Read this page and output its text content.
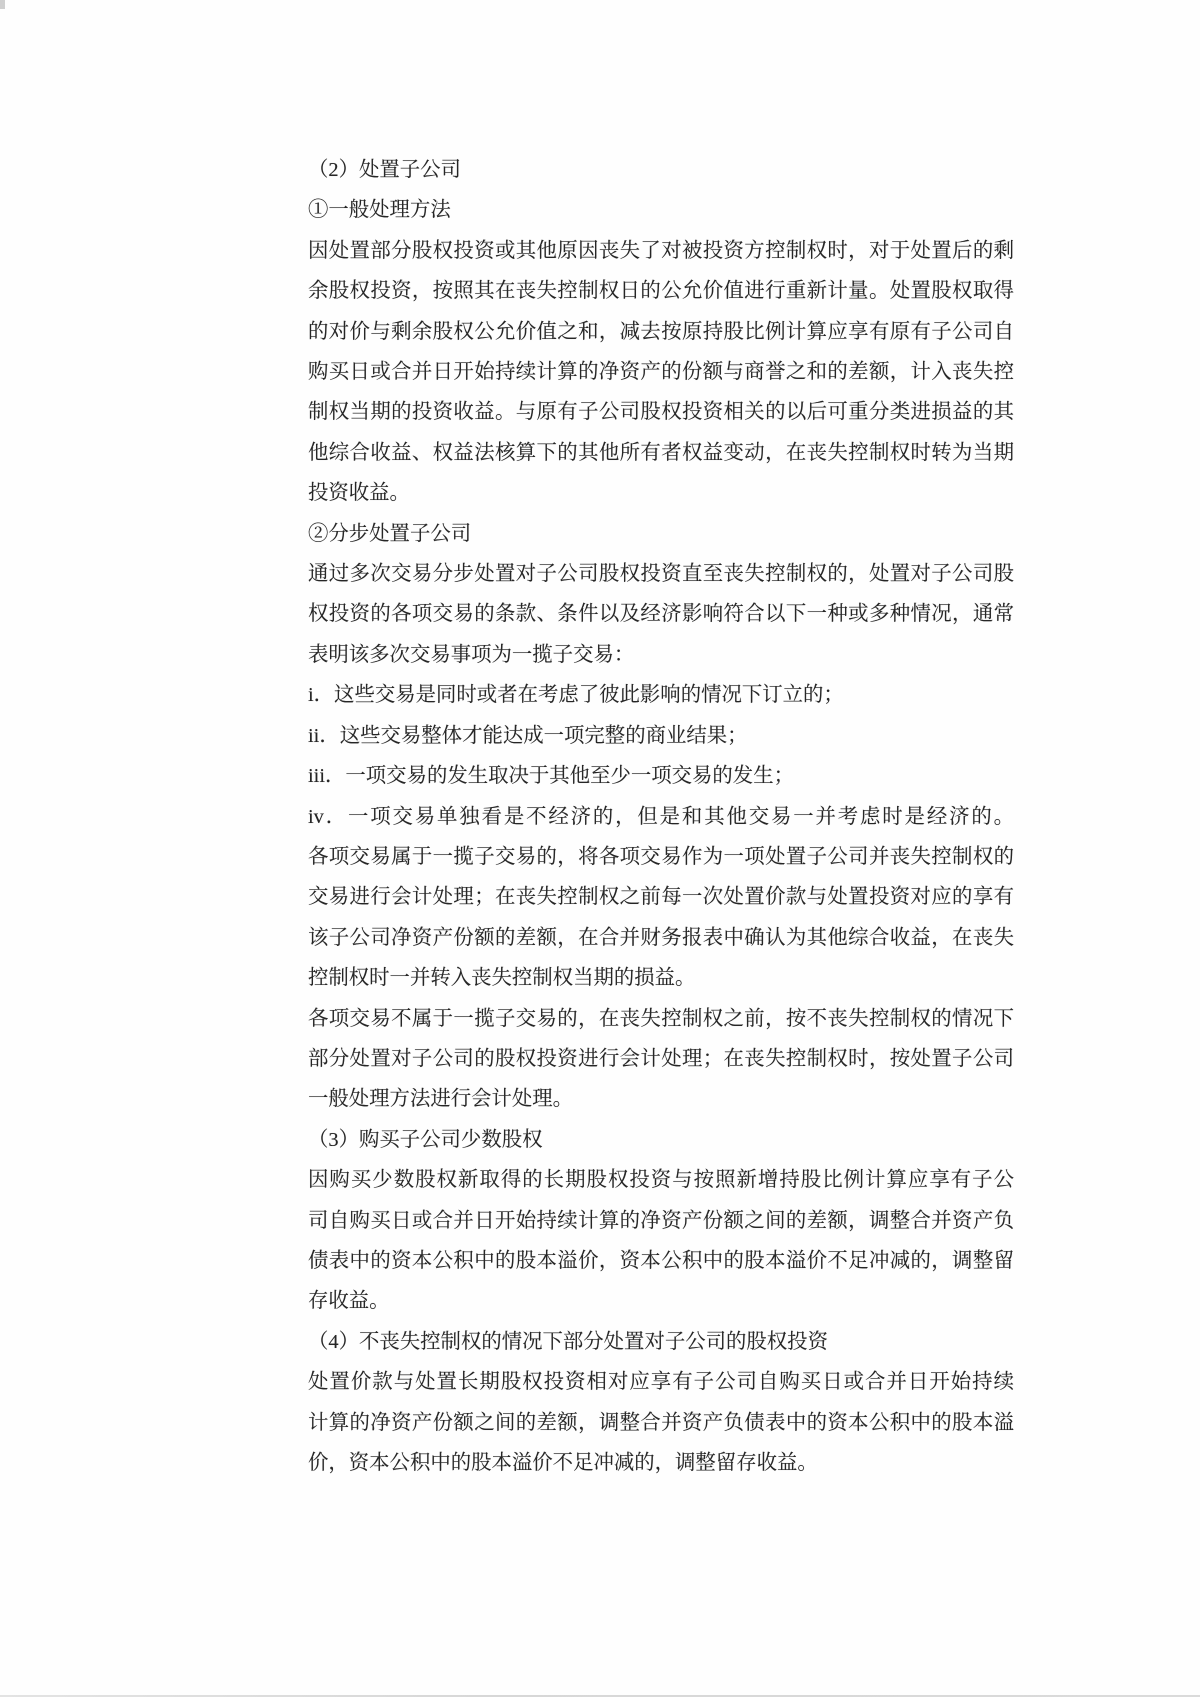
（2）处置子公司
①一般处理方法
因处置部分股权投资或其他原因丧失了对被投资方控制权时，对于处置后的剩
余股权投资，按照其在丧失控制权日的公允价值进行重新计量。处置股权取得
的对价与剩余股权公允价值之和，减去按原持股比例计算应享有原有子公司自
购买日或合并日开始持续计算的净资产的份额与商誉之和的差额，计入丧失控
制权当期的投资收益。与原有子公司股权投资相关的以后可重分类进损益的其
他综合收益、权益法核算下的其他所有者权益变动，在丧失控制权时转为当期
投资收益。
②分步处置子公司
通过多次交易分步处置对子公司股权投资直至丧失控制权的，处置对子公司股
权投资的各项交易的条款、条件以及经济影响符合以下一种或多种情况，通常
表明该多次交易事项为一揽子交易：
i．这些交易是同时或者在考虑了彼此影响的情况下订立的；
ii．这些交易整体才能达成一项完整的商业结果；
iii．一项交易的发生取决于其他至少一项交易的发生；
iv．一项交易单独看是不经济的，但是和其他交易一并考虑时是经济的。
各项交易属于一揽子交易的，将各项交易作为一项处置子公司并丧失控制权的
交易进行会计处理；在丧失控制权之前每一次处置价款与处置投资对应的享有
该子公司净资产份额的差额，在合并财务报表中确认为其他综合收益，在丧失
控制权时一并转入丧失控制权当期的损益。
各项交易不属于一揽子交易的，在丧失控制权之前，按不丧失控制权的情况下
部分处置对子公司的股权投资进行会计处理；在丧失控制权时，按处置子公司
一般处理方法进行会计处理。
（3）购买子公司少数股权
因购买少数股权新取得的长期股权投资与按照新增持股比例计算应享有子公
司自购买日或合并日开始持续计算的净资产份额之间的差额，调整合并资产负
债表中的资本公积中的股本溢价，资本公积中的股本溢价不足冲减的，调整留
存收益。
（4）不丧失控制权的情况下部分处置对子公司的股权投资
处置价款与处置长期股权投资相对应享有子公司自购买日或合并日开始持续
计算的净资产份额之间的差额，调整合并资产负债表中的资本公积中的股本溢
价，资本公积中的股本溢价不足冲减的，调整留存收益。
